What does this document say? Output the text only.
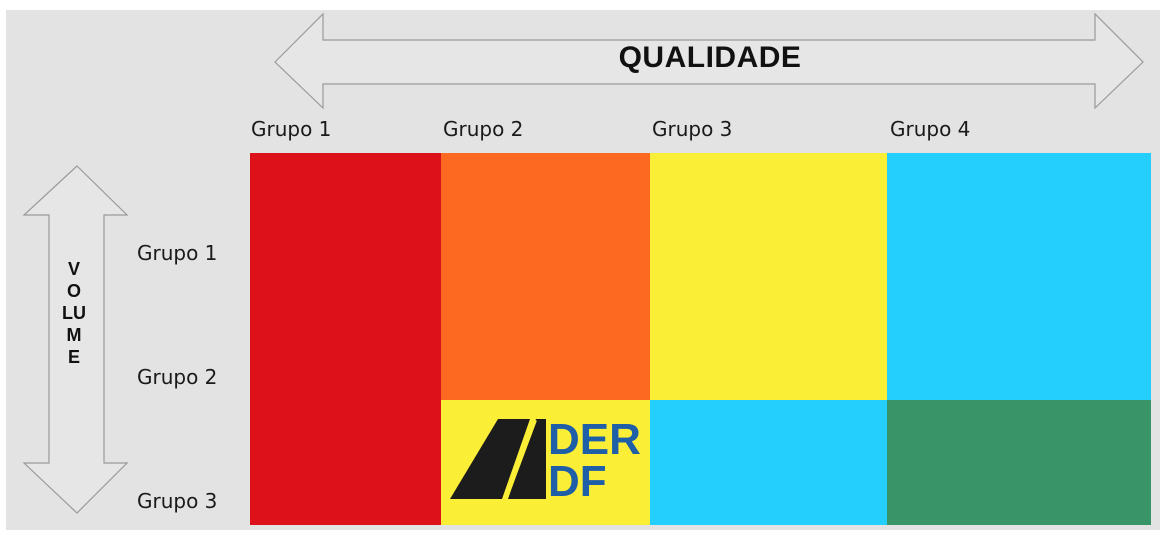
QUALIDADE
VOLUME
Grupo 1	Grupo 2	Grupo 3	Grupo 4
Grupo 1
Grupo 2
Grupo 3
DER
DF
